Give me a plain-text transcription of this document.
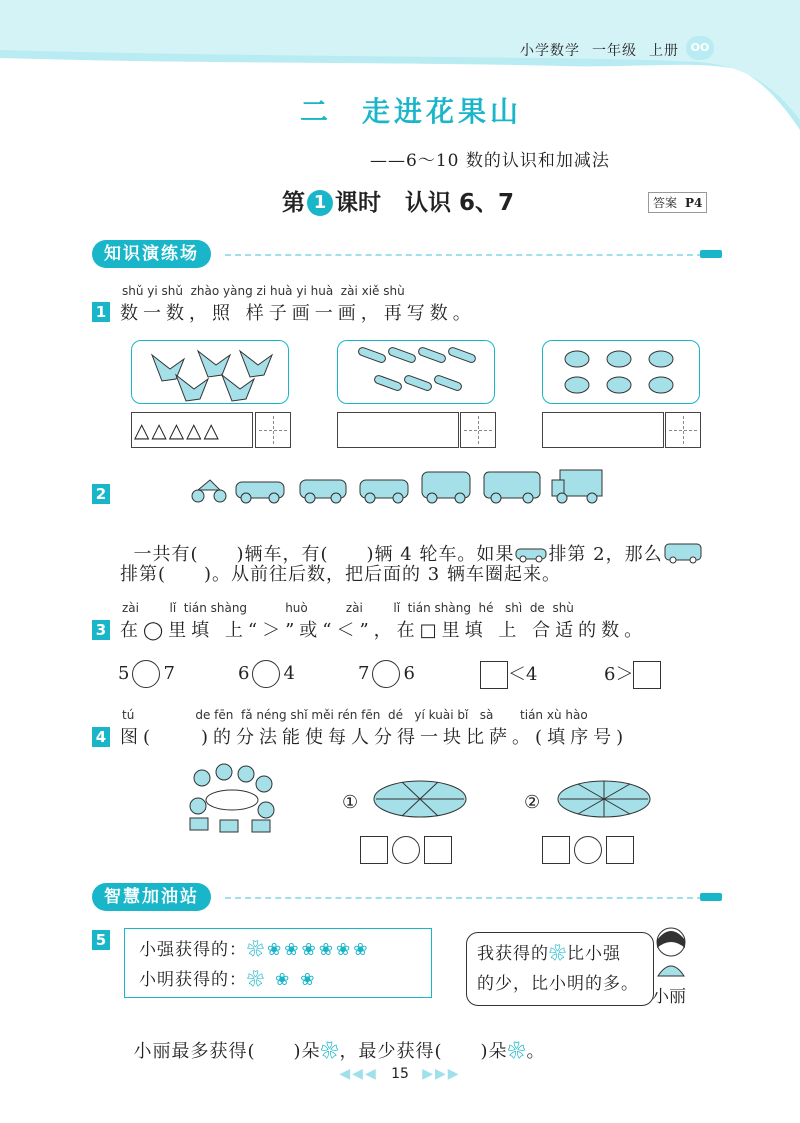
小学数学 一年级 上册	OO
二 走进花果山
——6～10 数的认识和加减法
第 1 课时 认识 6、7	答案 P4
知识演练场
shǔ yi shǔ  zhào yàng zi huà yi huà  zài xiě shù
1 数一数，照 样子画一画，再写数。
△△△△△
2

一共有(　　)辆车，有(　　)辆 4 轮车。如果 排第 2，那么

排第(　　)。从前往后数，把后面的 3 辆车圈起来。
zài        lǐ  tián shàng          huò          zài        lǐ  tián shàng  hé   shì  de  shù
3 在◯里填 上“＞”或“＜”，在□里填 上 合适的数。
5 7	6 4	7 6	＜4	6＞
tú                de fēn  fǎ néng shǐ měi rén fēn  dé   yí kuài bǐ   sà       tián xù hào
4 图(　　)的分法能使每人分得一块比萨。(填序号)
①	②
智慧加油站
5 小强获得的：❀ ❀ ❀ ❀ ❀ ❀ ❀
小明获得的：❀ ❀ ❀
我获得的❀比小强
的少，比小明的多。
小丽

小丽最多获得(　　)朵❀，最少获得(　　)朵❀。

◀◀◀ 15 ▶▶▶
